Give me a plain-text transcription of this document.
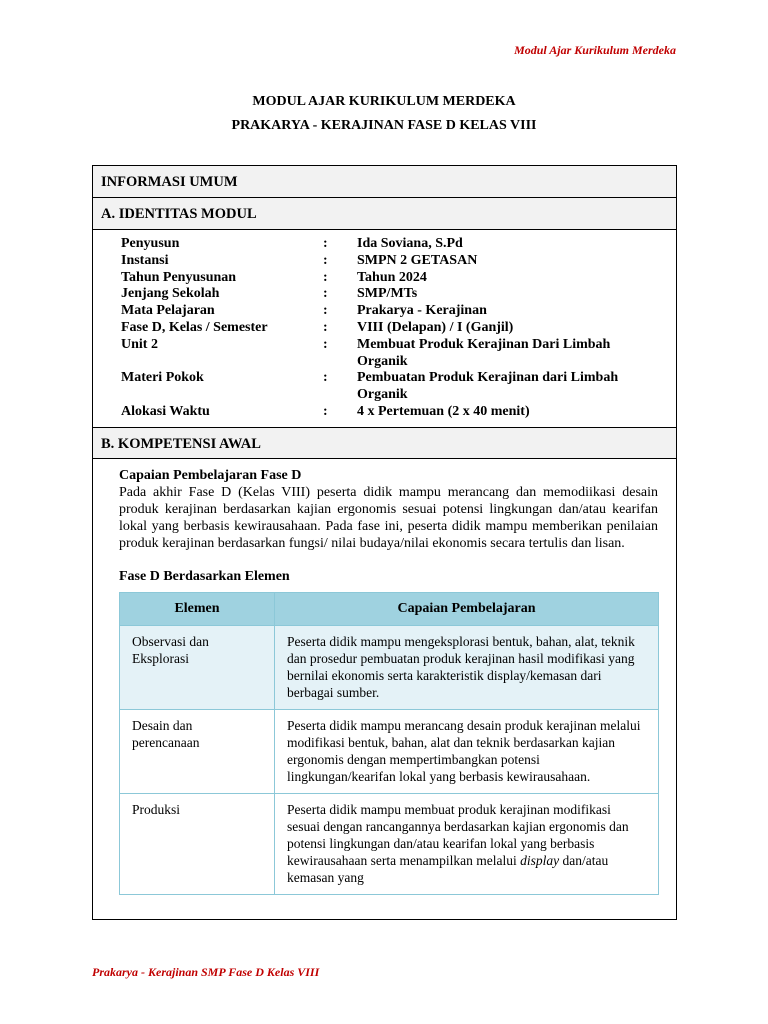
Modul Ajar Kurikulum Merdeka
MODUL AJAR KURIKULUM MERDEKA
PRAKARYA - KERAJINAN FASE D KELAS VIII
INFORMASI UMUM
A. IDENTITAS MODUL
Penyusun	:	Ida Soviana, S.Pd
Instansi	:	SMPN 2 GETASAN
Tahun Penyusunan	:	Tahun 2024
Jenjang Sekolah	:	SMP/MTs
Mata Pelajaran	:	Prakarya - Kerajinan
Fase D, Kelas / Semester	:	VIII (Delapan) / I (Ganjil)
Unit 2	:	Membuat Produk Kerajinan Dari Limbah Organik
Materi Pokok	:	Pembuatan Produk Kerajinan dari Limbah Organik
Alokasi Waktu	:	4 x Pertemuan (2 x 40 menit)
B. KOMPETENSI AWAL
Capaian Pembelajaran Fase D
Pada akhir Fase D (Kelas VIII) peserta didik mampu merancang dan memodiikasi desain produk kerajinan berdasarkan kajian ergonomis sesuai potensi lingkungan dan/atau kearifan lokal yang berbasis kewirausahaan. Pada fase ini, peserta didik mampu memberikan penilaian produk kerajinan berdasarkan fungsi/ nilai budaya/nilai ekonomis secara tertulis dan lisan.
Fase D Berdasarkan Elemen
Elemen	Capaian Pembelajaran
Observasi dan Eksplorasi	Peserta didik mampu mengeksplorasi bentuk, bahan, alat, teknik dan prosedur pembuatan produk kerajinan hasil modifikasi yang bernilai ekonomis serta karakteristik display/kemasan dari berbagai sumber.
Desain dan perencanaan	Peserta didik mampu merancang desain produk kerajinan melalui modifikasi bentuk, bahan, alat dan teknik berdasarkan kajian ergonomis dengan mempertimbangkan potensi lingkungan/kearifan lokal yang berbasis kewirausahaan.
Produksi	Peserta didik mampu membuat produk kerajinan modifikasi sesuai dengan rancangannya berdasarkan kajian ergonomis dan potensi lingkungan dan/atau kearifan lokal yang berbasis kewirausahaan serta menampilkan melalui display dan/atau kemasan yang
Prakarya - Kerajinan SMP Fase D Kelas VIII
